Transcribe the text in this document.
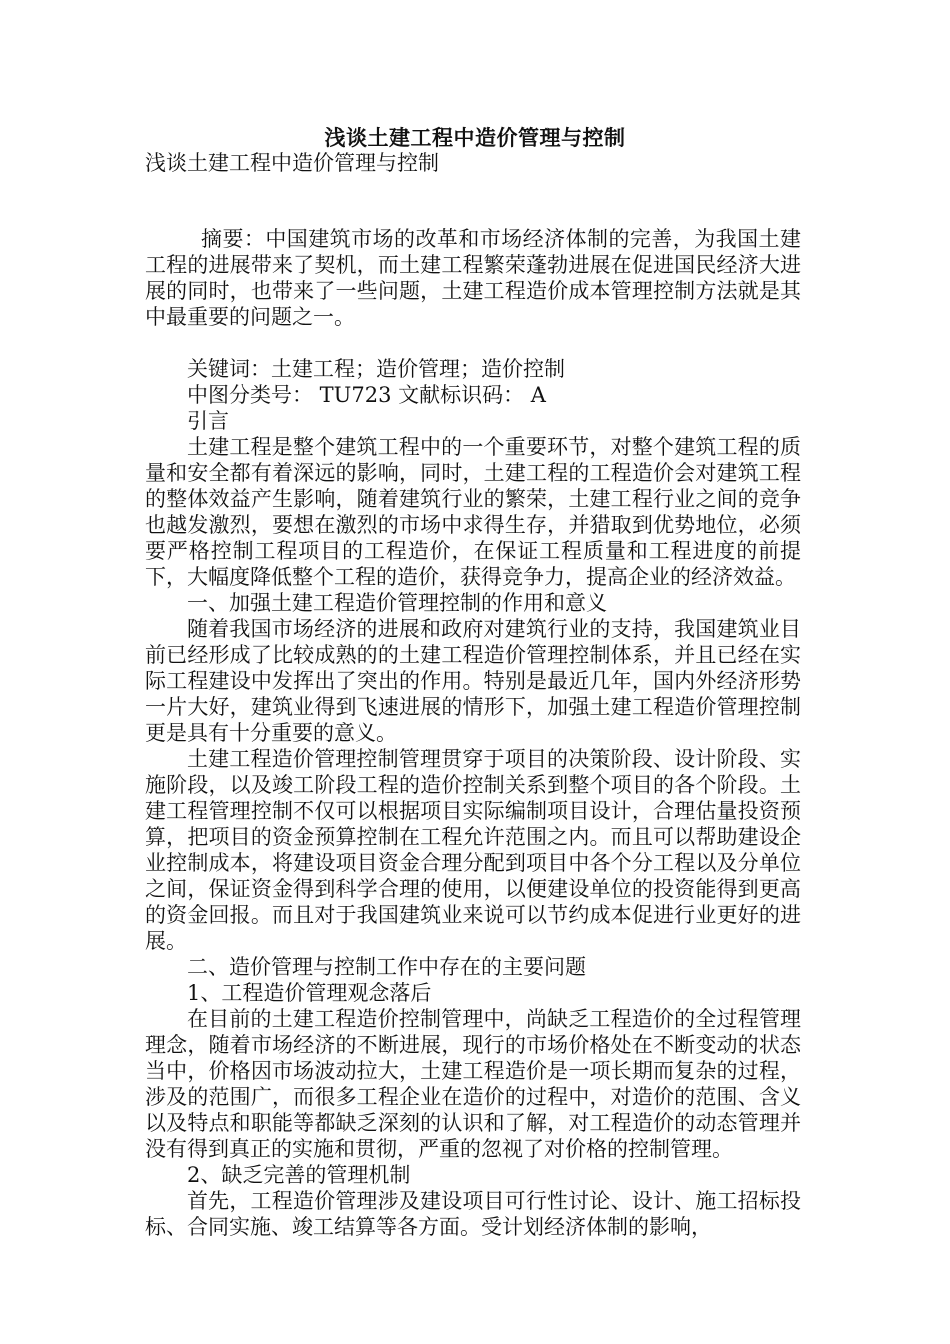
浅谈土建工程中造价管理与控制
浅谈土建工程中造价管理与控制

摘要：中国建筑市场的改革和市场经济体制的完善，为我国土建工程的进展带来了契机，而土建工程繁荣蓬勃进展在促进国民经济大进展的同时，也带来了一些问题，土建工程造价成本管理控制方法就是其中最重要的问题之一。

关键词：土建工程；造价管理；造价控制

中图分类号： TU723 文献标识码： A

引言

土建工程是整个建筑工程中的一个重要环节，对整个建筑工程的质量和安全都有着深远的影响，同时，土建工程的工程造价会对建筑工程的整体效益产生影响，随着建筑行业的繁荣，土建工程行业之间的竞争也越发激烈，要想在激烈的市场中求得生存，并猎取到优势地位，必须要严格控制工程项目的工程造价，在保证工程质量和工程进度的前提下，大幅度降低整个工程的造价，获得竞争力，提高企业的经济效益。

一、加强土建工程造价管理控制的作用和意义

随着我国市场经济的进展和政府对建筑行业的支持，我国建筑业目前已经形成了比较成熟的的土建工程造价管理控制体系，并且已经在实际工程建设中发挥出了突出的作用。特别是最近几年，国内外经济形势一片大好，建筑业得到飞速进展的情形下，加强土建工程造价管理控制更是具有十分重要的意义。

土建工程造价管理控制管理贯穿于项目的决策阶段、设计阶段、实施阶段，以及竣工阶段工程的造价控制关系到整个项目的各个阶段。土建工程管理控制不仅可以根据项目实际编制项目设计，合理估量投资预算，把项目的资金预算控制在工程允许范围之内。而且可以帮助建设企业控制成本，将建设项目资金合理分配到项目中各个分工程以及分单位之间，保证资金得到科学合理的使用，以便建设单位的投资能得到更高的资金回报。而且对于我国建筑业来说可以节约成本促进行业更好的进展。

二、造价管理与控制工作中存在的主要问题

1、工程造价管理观念落后

在目前的土建工程造价控制管理中，尚缺乏工程造价的全过程管理理念，随着市场经济的不断进展，现行的市场价格处在不断变动的状态当中，价格因市场波动拉大，土建工程造价是一项长期而复杂的过程，涉及的范围广，而很多工程企业在造价的过程中，对造价的范围、含义以及特点和职能等都缺乏深刻的认识和了解，对工程造价的动态管理并没有得到真正的实施和贯彻，严重的忽视了对价格的控制管理。

2、缺乏完善的管理机制

首先，工程造价管理涉及建设项目可行性讨论、设计、施工招标投标、合同实施、竣工结算等各方面。受计划经济体制的影响，
